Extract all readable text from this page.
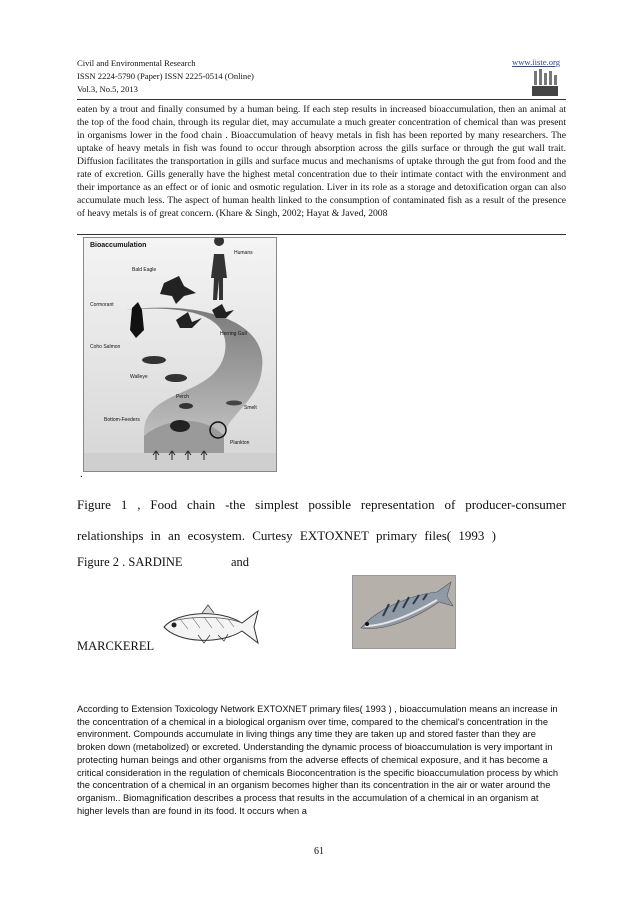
Civil and Environmental Research
ISSN 2224-5790 (Paper) ISSN 2225-0514 (Online)
Vol.3, No.5, 2013
www.iiste.org
eaten by a trout and finally consumed by a human being. If each step results in increased bioaccumulation, then an animal at the top of the food chain, through its regular diet, may accumulate a much greater concentration of chemical than was present in organisms lower in the food chain . Bioaccumulation of heavy metals in fish has been reported by many researchers. The uptake of heavy metals in fish was found to occur through absorption across the gills surface or through the gut wall trait. Diffusion facilitates the transportation in gills and surface mucus and mechanisms of uptake through the gut from food and the rate of excretion. Gills generally have the highest metal concentration due to their intimate contact with the environment and their importance as an effect or of ionic and osmotic regulation. Liver in its role as a storage and detoxification organ can also accumulate much less. The aspect of human health linked to the consumption of contaminated fish as a result of the presence of heavy metals is of great concern. (Khare & Singh, 2002; Hayat & Javed, 2008
Bioaccumulation
Humans
Bald Eagle
Cormorant
Herring Gull
Coho Salmon
Walleye
Perch
Smelt
Bottom-Feeders
Plankton
.
Figure 1 , Food chain -the simplest possible representation of producer-consumer relationships in an ecosystem. Curtesy EXTOXNET primary files( 1993 )
Figure 2 . SARDINE	and
MARCKEREL
According to Extension Toxicology Network EXTOXNET primary files( 1993 ) , bioaccumulation means an increase in the concentration of a chemical in a biological organism over time, compared to the chemical's concentration in the environment. Compounds accumulate in living things any time they are taken up and stored faster than they are broken down (metabolized) or excreted. Understanding the dynamic process of bioaccumulation is very important in protecting human beings and other organisms from the adverse effects of chemical exposure, and it has become a critical consideration in the regulation of chemicals Bioconcentration is the specific bioaccumulation process by which the concentration of a chemical in an organism becomes higher than its concentration in the air or water around the organism.. Biomagnification describes a process that results in the accumulation of a chemical in an organism at higher levels than are found in its food. It occurs when a
61
